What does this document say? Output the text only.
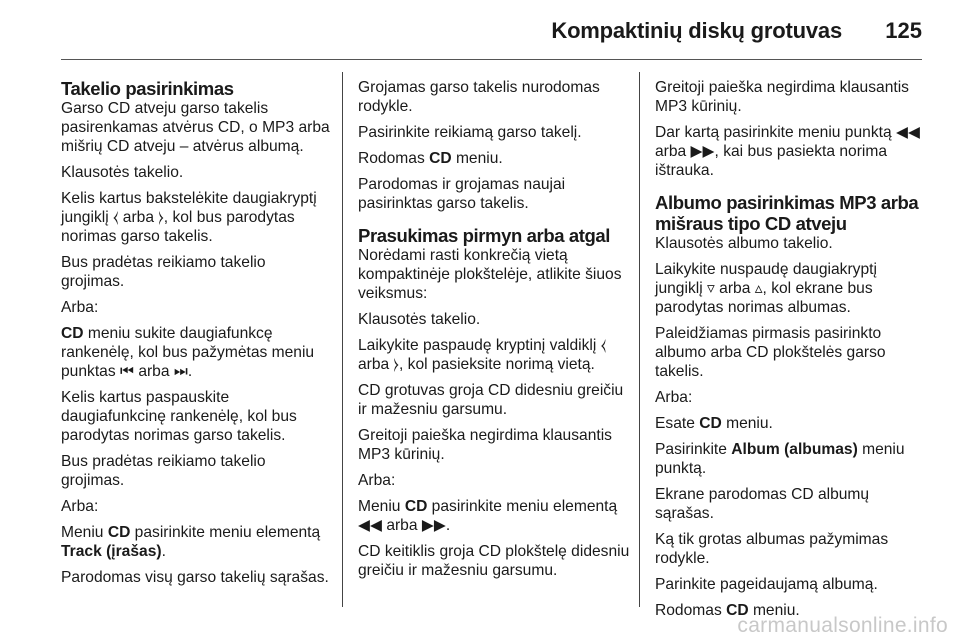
Kompaktinių diskų grotuvas 125
Takelio pasirinkimas

Garso CD atveju garso takelis pasirenkamas atvėrus CD, o MP3 arba mišrių CD atveju – atvėrus albumą.

Klausotės takelio.

Kelis kartus bakstelėkite daugiakryptį jungiklį ⧼ arba ⧽, kol bus parodytas norimas garso takelis.

Bus pradėtas reikiamo takelio grojimas.

Arba:

CD meniu sukite daugiafunkcę rankenėlę, kol bus pažymėtas meniu punktas ⏮ arba ⏭.

Kelis kartus paspauskite daugiafunkcinę rankenėlę, kol bus parodytas norimas garso takelis.

Bus pradėtas reikiamo takelio grojimas.

Arba:

Meniu CD pasirinkite meniu elementą Track (įrašas).

Parodomas visų garso takelių sąrašas.

Grojamas garso takelis nurodomas rodykle.

Pasirinkite reikiamą garso takelį.

Rodomas CD meniu.

Parodomas ir grojamas naujai pasirinktas garso takelis.

Prasukimas pirmyn arba atgal

Norėdami rasti konkrečią vietą kompaktinėje plokštelėje, atlikite šiuos veiksmus:

Klausotės takelio.

Laikykite paspaudę kryptinį valdiklį ⧼ arba ⧽, kol pasieksite norimą vietą.

CD grotuvas groja CD didesniu greičiu ir mažesniu garsumu.

Greitoji paieška negirdima klausantis MP3 kūrinių.

Arba:

Meniu CD pasirinkite meniu elementą ◀◀ arba ▶▶.

CD keitiklis groja CD plokštelę didesniu greičiu ir mažesniu garsumu.

Greitoji paieška negirdima klausantis MP3 kūrinių.

Dar kartą pasirinkite meniu punktą ◀◀ arba ▶▶, kai bus pasiekta norima ištrauka.

Albumo pasirinkimas MP3 arba mišraus tipo CD atveju

Klausotės albumo takelio.

Laikykite nuspaudę daugiakryptį jungiklį ▿ arba ▵, kol ekrane bus parodytas norimas albumas.

Paleidžiamas pirmasis pasirinkto albumo arba CD plokštelės garso takelis.

Arba:

Esate CD meniu.

Pasirinkite Album (albumas) meniu punktą.

Ekrane parodomas CD albumų sąrašas.

Ką tik grotas albumas pažymimas rodykle.

Parinkite pageidaujamą albumą.

Rodomas CD meniu.

carmanualsonline.info
